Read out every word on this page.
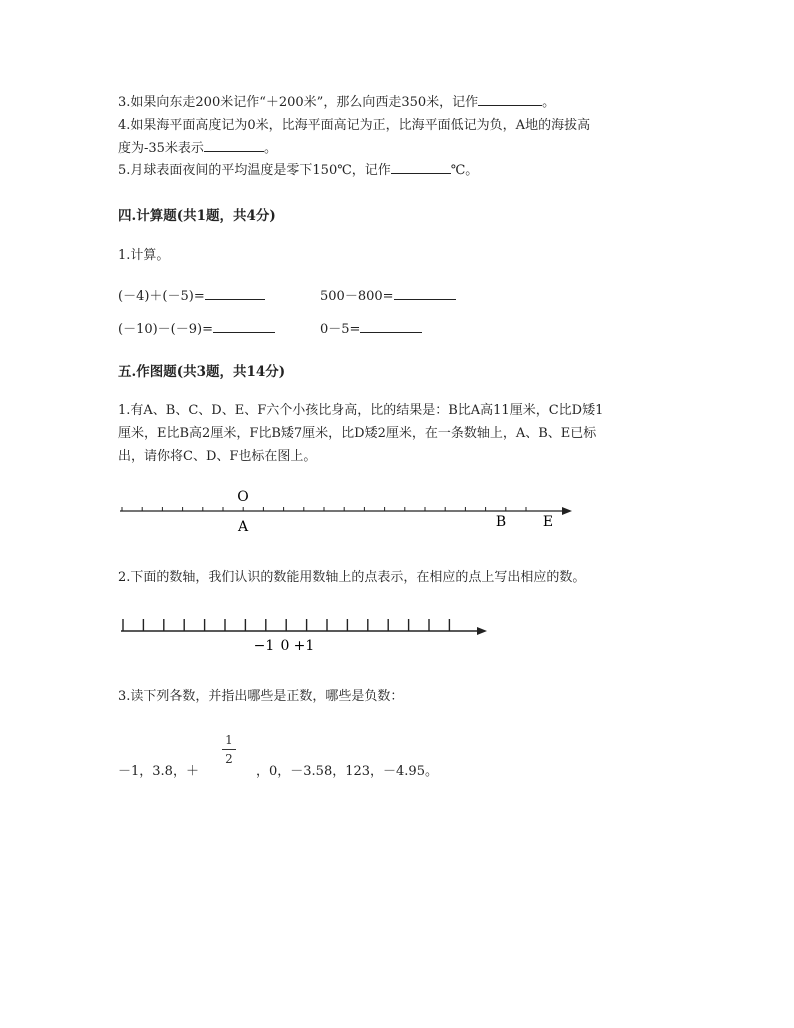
3.如果向东走200米记作“＋200米”，那么向西走350米，记作	。
4.如果海平面高度记为0米，比海平面高记为正，比海平面低记为负，A地的海拔高
度为-35米表示	。
5.月球表面夜间的平均温度是零下150℃，记作	℃。
四.计算题(共1题，共4分)
1.计算。
(－4)＋(－5)=	500－800=
(－10)－(－9)=	0－5=
五.作图题(共3题，共14分)
1.有A、B、C、D、E、F六个小孩比身高，比的结果是：B比A高11厘米，C比D矮1
厘米，E比B高2厘米，F比B矮7厘米，比D矮2厘米，在一条数轴上，A、B、E已标
出，请你将C、D、F也标在图上。
O
A	B	E
2.下面的数轴，我们认识的数能用数轴上的点表示，在相应的点上写出相应的数。
−1 0 +1
3.读下列各数，并指出哪些是正数，哪些是负数：
－1，3.8，＋
1
2
，0，－3.58，123，－4.95。
